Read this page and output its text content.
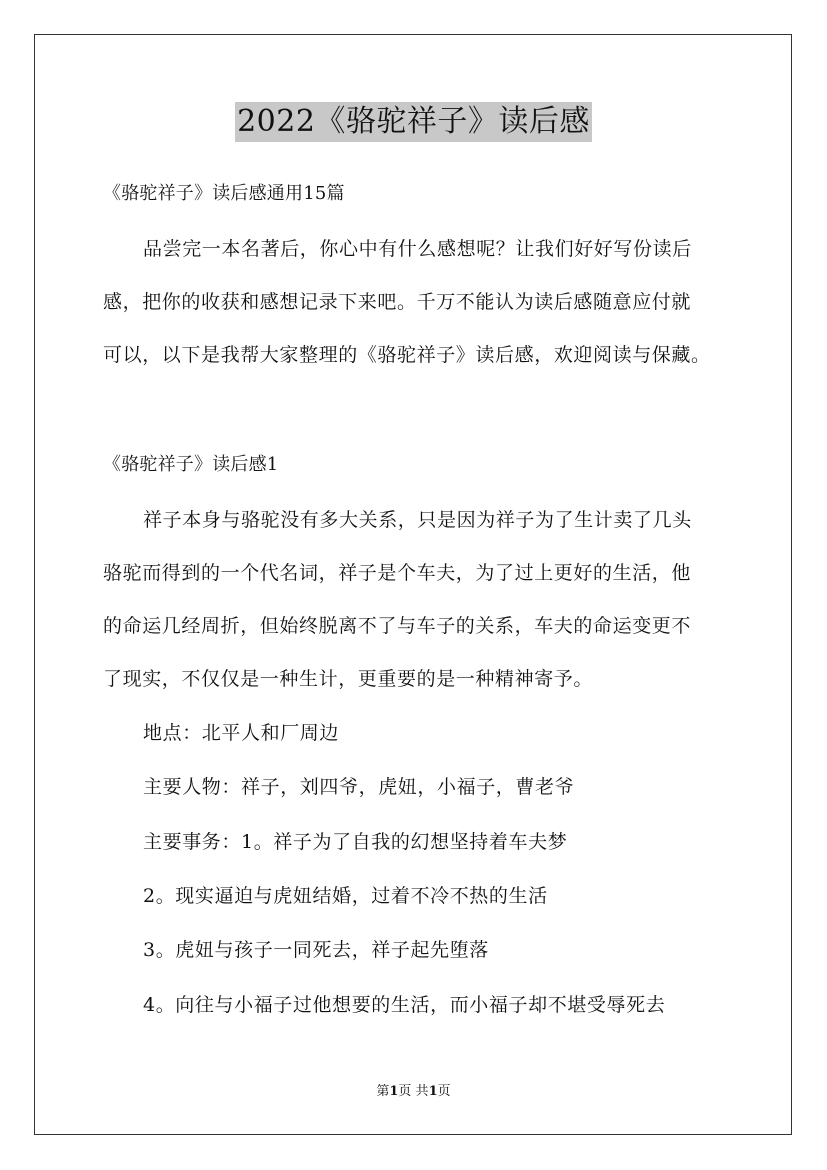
2022《骆驼祥子》读后感
《骆驼祥子》读后感通用15篇
品尝完一本名著后，你心中有什么感想呢？让我们好好写份读后
感，把你的收获和感想记录下来吧。千万不能认为读后感随意应付就
可以，以下是我帮大家整理的《骆驼祥子》读后感，欢迎阅读与保藏。
《骆驼祥子》读后感1
祥子本身与骆驼没有多大关系，只是因为祥子为了生计卖了几头
骆驼而得到的一个代名词，祥子是个车夫，为了过上更好的生活，他
的命运几经周折，但始终脱离不了与车子的关系，车夫的命运变更不
了现实，不仅仅是一种生计，更重要的是一种精神寄予。
地点：北平人和厂周边
主要人物：祥子，刘四爷，虎妞，小福子，曹老爷
主要事务：1。祥子为了自我的幻想坚持着车夫梦
2。现实逼迫与虎妞结婚，过着不冷不热的生活
3。虎妞与孩子一同死去，祥子起先堕落
4。向往与小福子过他想要的生活，而小福子却不堪受辱死去
第1页 共1页
